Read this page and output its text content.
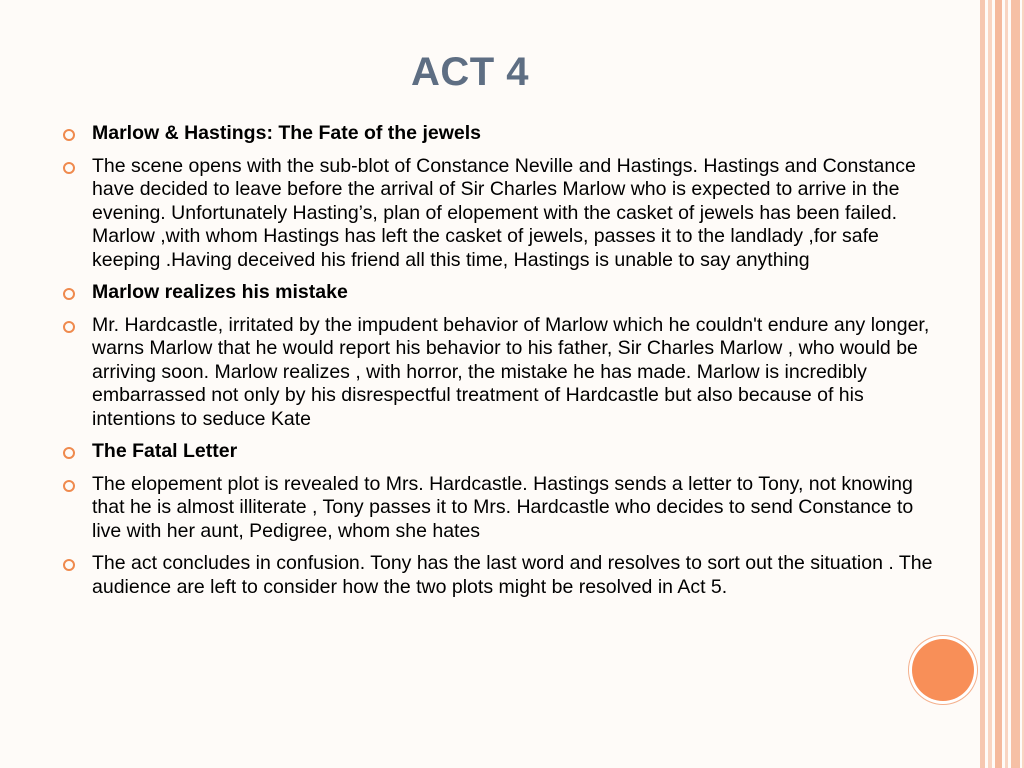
ACT 4
Marlow & Hastings: The Fate of the jewels
The scene opens with the sub-blot of Constance Neville and Hastings. Hastings and Constance have decided to leave before the arrival of Sir Charles Marlow who is expected to arrive in the evening. Unfortunately Hasting’s, plan of elopement with the casket of jewels has been failed. Marlow ,with whom Hastings has left the casket of jewels, passes it to the landlady ,for safe keeping .Having deceived his friend all this time, Hastings is unable to say anything
Marlow realizes his mistake
Mr. Hardcastle, irritated by the impudent behavior of Marlow which he couldn't endure any longer, warns Marlow that he would report his behavior to his father, Sir Charles Marlow , who would be arriving soon. Marlow realizes , with horror, the mistake he has made. Marlow is incredibly embarrassed not only by his disrespectful treatment of Hardcastle but also because of his intentions to seduce Kate
The Fatal Letter
The elopement plot is revealed to Mrs. Hardcastle. Hastings sends a letter to Tony, not knowing that he is almost illiterate , Tony passes it to Mrs. Hardcastle who decides to send Constance to live with her aunt, Pedigree, whom she hates
The act concludes in confusion. Tony has the last word and resolves to sort out the situation . The audience are left to consider how the two plots might be resolved in Act 5.
